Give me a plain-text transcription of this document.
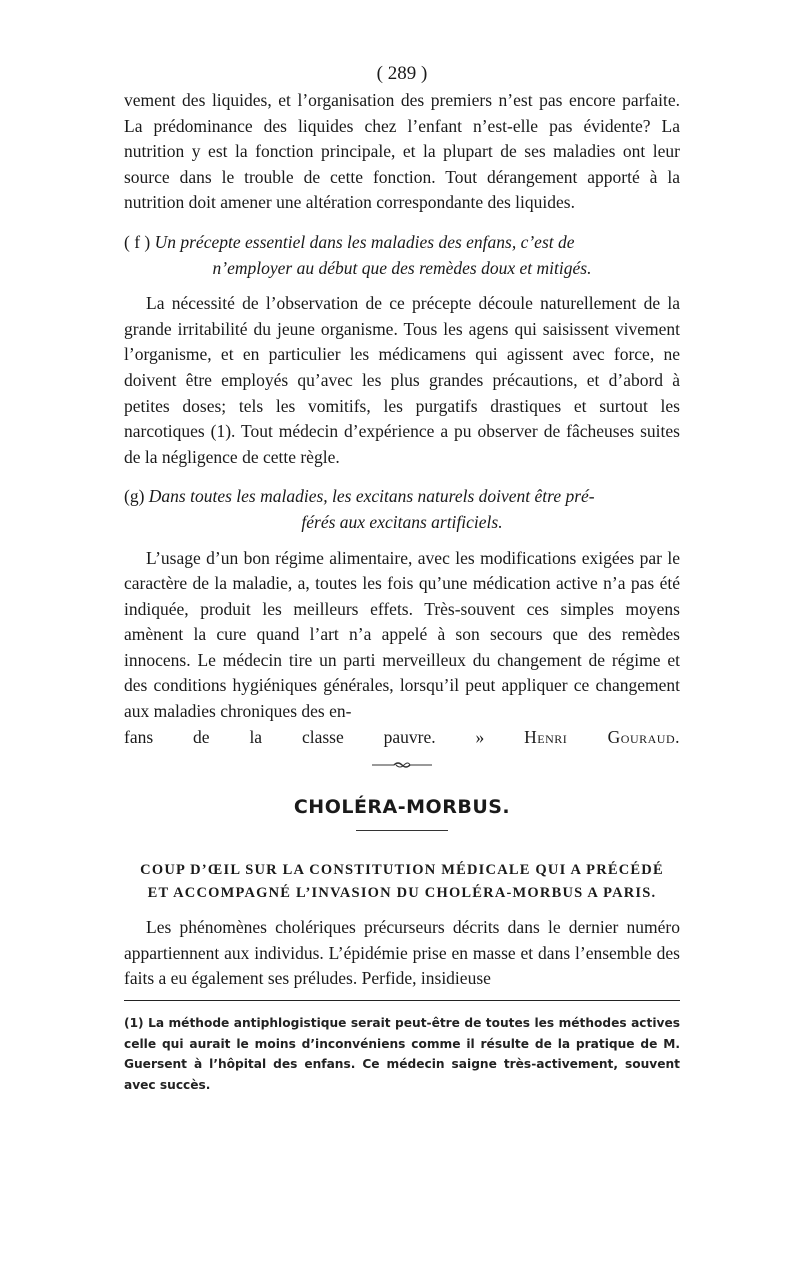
( 289 )

vement des liquides, et l’organisation des premiers n’est pas encore parfaite. La prédominance des liquides chez l’enfant n’est-elle pas évidente? La nutrition y est la fonction principale, et la plupart de ses maladies ont leur source dans le trouble de cette fonction. Tout dérangement apporté à la nutrition doit amener une altération correspondante des liquides.

( f ) Un précepte essentiel dans les maladies des enfans, c’est de
n’employer au début que des remèdes doux et mitigés.

La nécessité de l’observation de ce précepte découle naturellement de la grande irritabilité du jeune organisme. Tous les agens qui saisissent vivement l’organisme, et en particulier les médicamens qui agissent avec force, ne doivent être employés qu’avec les plus grandes précautions, et d’abord à petites doses; tels les vomitifs, les purgatifs drastiques et surtout les narcotiques (1). Tout médecin d’expérience a pu observer de fâcheuses suites de la négligence de cette règle.

(g) Dans toutes les maladies, les excitans naturels doivent être pré-
férés aux excitans artificiels.

L’usage d’un bon régime alimentaire, avec les modifications exigées par le caractère de la maladie, a, toutes les fois qu’une médication active n’a pas été indiquée, produit les meilleurs effets. Très-souvent ces simples moyens amènent la cure quand l’art n’a appelé à son secours que des remèdes innocens. Le médecin tire un parti merveilleux du changement de régime et des conditions hygiéniques générales, lorsqu’il peut appliquer ce changement aux maladies chroniques des en-

fans de la classe pauvre. » Henri Gouraud.

CHOLÉRA-MORBUS.
COUP D’ŒIL SUR LA CONSTITUTION MÉDICALE QUI A PRÉCÉDÉ
ET ACCOMPAGNÉ L’INVASION DU CHOLÉRA-MORBUS A PARIS.

Les phénomènes cholériques précurseurs décrits dans le dernier numéro appartiennent aux individus. L’épidémie prise en masse et dans l’ensemble des faits a eu également ses préludes. Perfide, insidieuse

(1) La méthode antiphlogistique serait peut-être de toutes les méthodes actives celle qui aurait le moins d’inconvéniens comme il résulte de la pratique de M. Guersent à l’hôpital des enfans. Ce médecin saigne très-activement, souvent avec succès.
